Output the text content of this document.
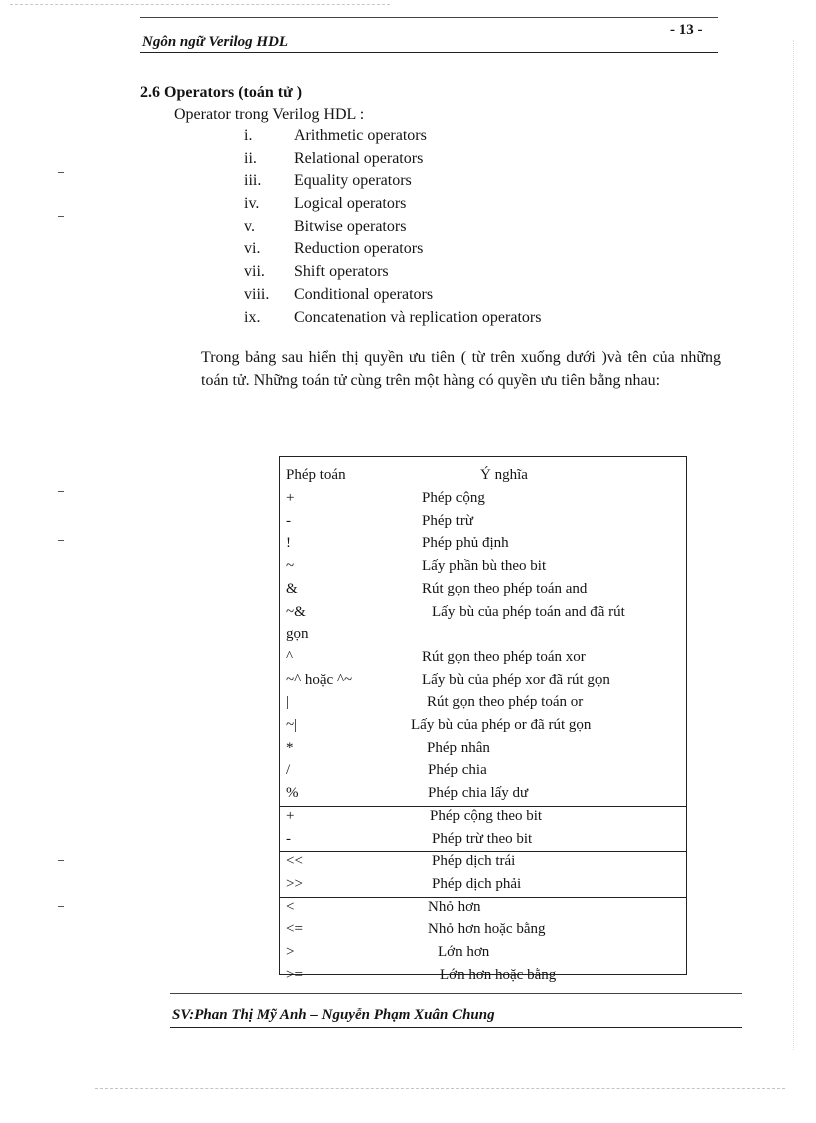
Ngôn ngữ Verilog HDL
- 13 -
2.6 Operators (toán tử )
Operator trong Verilog HDL :
i.	Arithmetic operators
ii. Relational operators
iii. Equality operators
iv. Logical operators
v. Bitwise operators
vi. Reduction operators
vii. Shift operators
viii. Conditional operators
ix. Concatenation và replication operators
Trong bảng sau hiển thị quyền ưu tiên ( từ trên xuống dưới )và tên của những toán tử. Những toán tử cùng trên một hàng có quyền ưu tiên bằng nhau:
Phép toán	Ý nghĩa
+	Phép cộng
-	Phép trừ
!	Phép phủ định
~	Lấy phần bù theo bit
&	Rút gọn theo phép toán and
~&	Lấy bù của phép toán and đã rút
gọn
^	Rút gọn theo phép toán xor
~^ hoặc ^~	Lấy bù của phép xor đã rút gọn
|	Rút gọn theo phép toán or
~|	Lấy bù của phép or đã rút gọn
*	Phép nhân
/	Phép chia
%	Phép chia lấy dư
+	Phép cộng theo bit
-	Phép trừ theo bit
<<	Phép dịch trái
>>	Phép dịch phải
<	Nhỏ hơn
<=	Nhỏ hơn hoặc bằng
>	Lớn hơn
>=	Lớn hơn hoặc bằng
SV:Phan Thị Mỹ Anh – Nguyễn Phạm Xuân Chung
